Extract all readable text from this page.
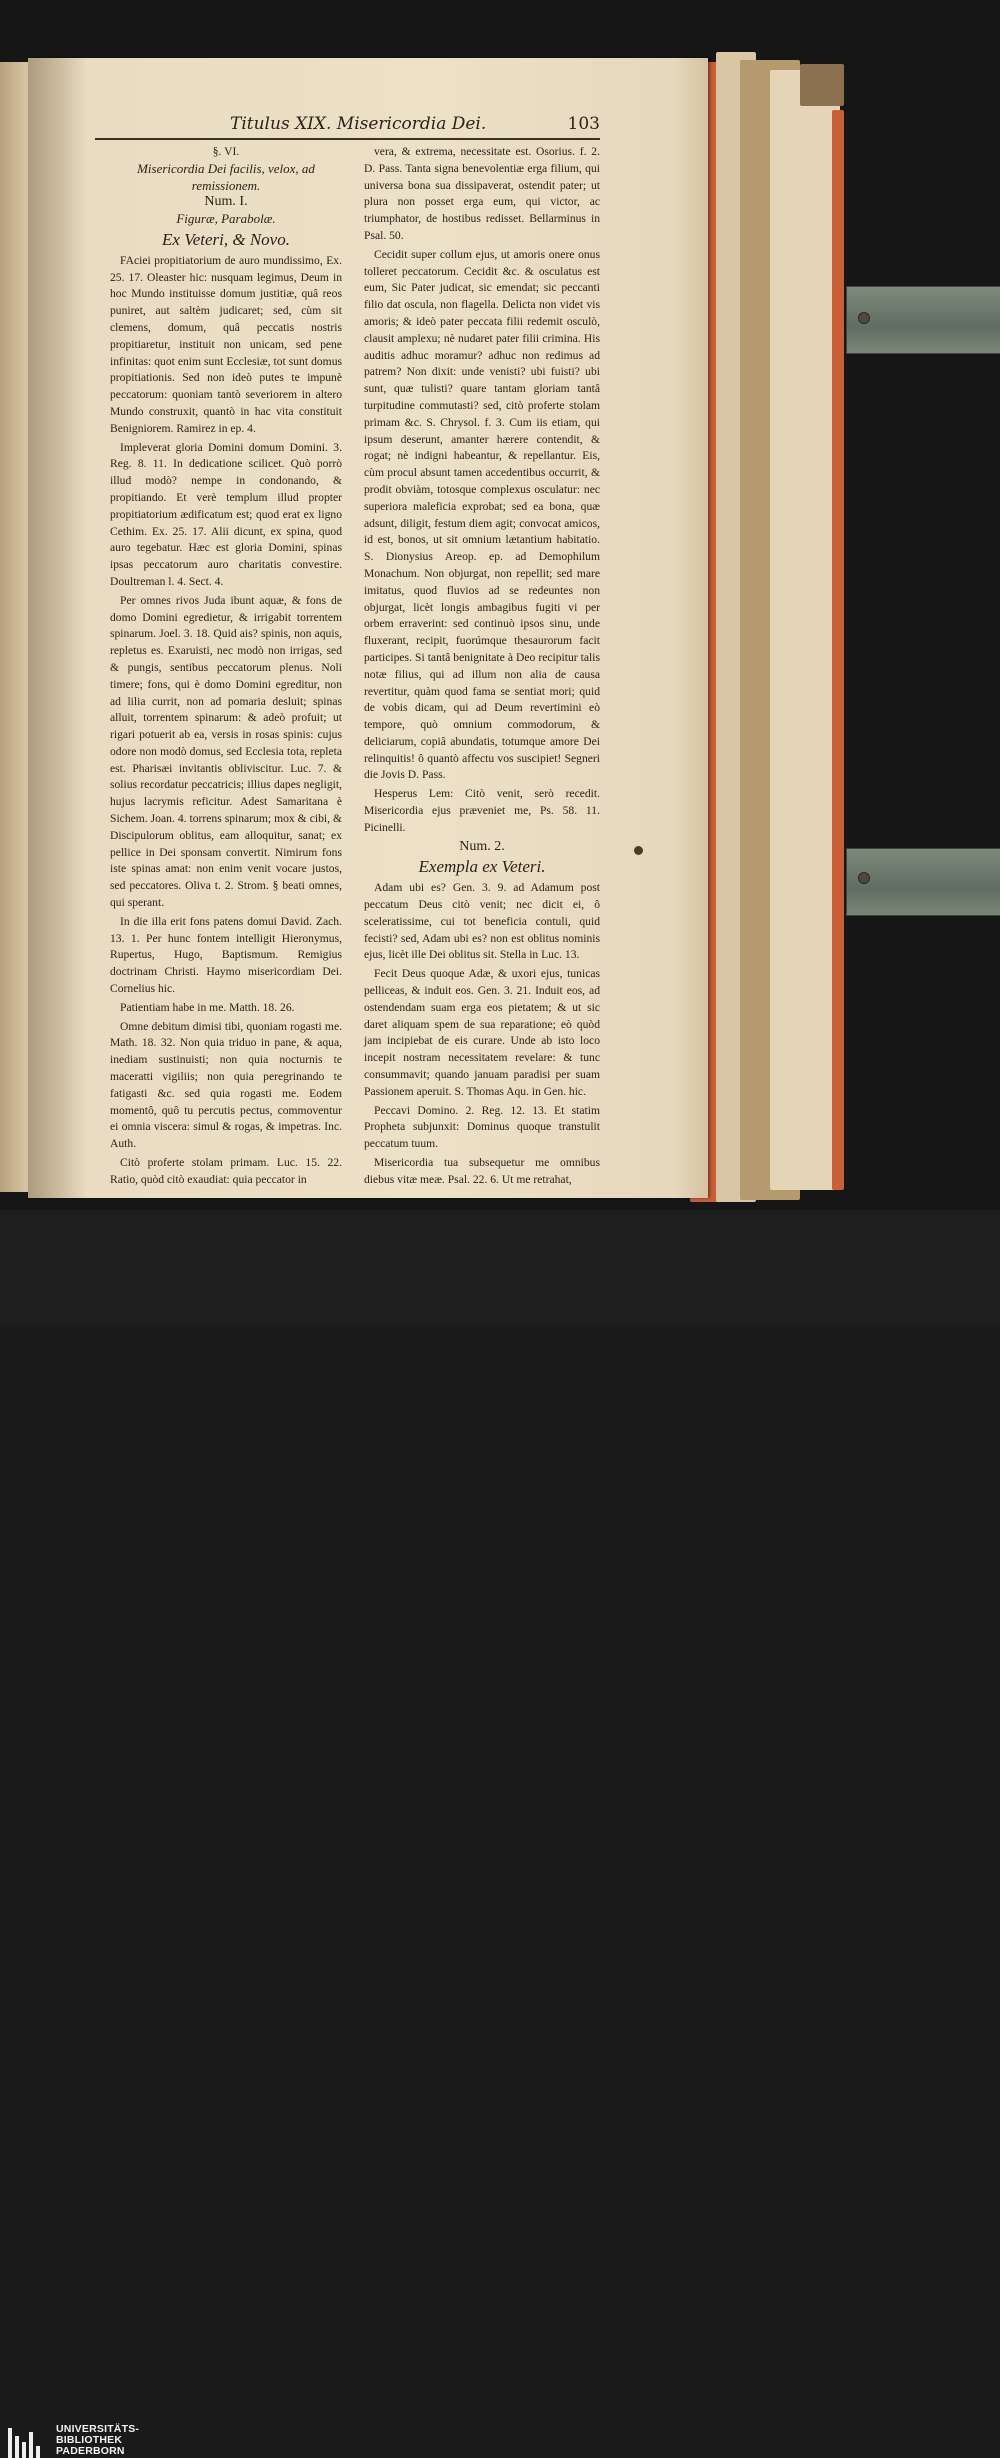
Titulus XIX. Misericordia Dei.	103

§. VI.

Misericordia Dei facilis, velox, ad remissionem.

Num. I.

Figuræ, Parabolæ.

Ex Veteri, & Novo.

FAciei propitiatorium de auro mundissimo, Ex. 25. 17. Oleaster hic: nusquam legimus, Deum in hoc Mundo instituisse domum justitiæ, quâ reos puniret, aut saltèm judicaret; sed, cùm sit clemens, domum, quâ peccatis nostris propitiaretur, instituit non unicam, sed pene infinitas: quot enim sunt Ecclesiæ, tot sunt domus propitiationis. Sed non ideò putes te impunè peccatorum: quoniam tantò severiorem in altero Mundo construxit, quantò in hac vita constituit Benigniorem. Ramirez in ep. 4.

Impleverat gloria Domini domum Domini. 3. Reg. 8. 11. In dedicatione scilicet. Quò porrò illud modò? nempe in condonando, & propitiando. Et verè templum illud propter propitiatorium ædificatum est; quod erat ex ligno Cethim. Ex. 25. 17. Alii dicunt, ex spina, quod auro tegebatur. Hæc est gloria Domini, spinas ipsas peccatorum auro charitatis convestire. Doultreman l. 4. Sect. 4.

Per omnes rivos Juda ibunt aquæ, & fons de domo Domini egredietur, & irrigabit torrentem spinarum. Joel. 3. 18. Quid ais? spinis, non aquis, repletus es. Exaruisti, nec modò non irrigas, sed & pungis, sentibus peccatorum plenus. Noli timere; fons, qui è domo Domini egreditur, non ad lilia currit, non ad pomaria desluit; spinas alluit, torrentem spinarum: & adeò profuit; ut rigari potuerit ab ea, versis in rosas spinis: cujus odore non modò domus, sed Ecclesia tota, repleta est. Pharisæi invitantis obliviscitur. Luc. 7. & solius recordatur peccatricis; illius dapes negligit, hujus lacrymis reficitur. Adest Samaritana è Sichem. Joan. 4. torrens spinarum; mox & cibi, & Discipulorum oblitus, eam alloquitur, sanat; ex pellice in Dei sponsam convertit. Nimirum fons iste spinas amat: non enim venit vocare justos, sed peccatores. Oliva t. 2. Strom. § beati omnes, qui sperant.

In die illa erit fons patens domui David. Zach. 13. 1. Per hunc fontem intelligit Hieronymus, Rupertus, Hugo, Baptismum. Remigius doctrinam Christi. Haymo misericordiam Dei. Cornelius hic.

Patientiam habe in me. Matth. 18. 26.

Omne debitum dimisi tibi, quoniam rogasti me. Math. 18. 32. Non quia triduo in pane, & aqua, inediam sustinuisti; non quia nocturnis te maceratti vigiliis; non quia peregrinando te fatigasti &c. sed quia rogasti me. Eodem momentô, quô tu percutis pectus, commoventur ei omnia viscera: simul & rogas, & impetras. Inc. Auth.

Citò proferte stolam primam. Luc. 15. 22. Ratio, quòd citò exaudiat: quia peccator in

vera, & extrema, necessitate est. Osorius. f. 2. D. Pass. Tanta signa benevolentiæ erga filium, qui universa bona sua dissipaverat, ostendit pater; ut plura non posset erga eum, qui victor, ac triumphator, de hostibus redisset. Bellarminus in Psal. 50.

Cecidit super collum ejus, ut amoris onere onus tolleret peccatorum. Cecidit &c. & osculatus est eum, Sic Pater judicat, sic emendat; sic peccanti filio dat oscula, non flagella. Delicta non videt vis amoris; & ideò pater peccata filii redemit osculò, clausit amplexu; nè nudaret pater filii crimina. His auditis adhuc moramur? adhuc non redimus ad patrem? Non dixit: unde venisti? ubi fuisti? ubi sunt, quæ tulisti? quare tantam gloriam tantâ turpitudine commutasti? sed, citò proferte stolam primam &c. S. Chrysol. f. 3. Cum iis etiam, qui ipsum deserunt, amanter hærere contendit, & rogat; nè indigni habeantur, & repellantur. Eis, cùm procul absunt tamen accedentibus occurrit, & prodit obviàm, totosque complexus osculatur: nec superiora maleficia exprobat; sed ea bona, quæ adsunt, diligit, festum diem agit; convocat amicos, id est, bonos, ut sit omnium lætantium habitatio. S. Dionysius Areop. ep. ad Demophilum Monachum. Non objurgat, non repellit; sed mare imitatus, quod fluvios ad se redeuntes non objurgat, licèt longis ambagibus fugiti vi per orbem erraverint: sed continuò ipsos sinu, unde fluxerant, recipit, fuorúmque thesaurorum facit participes. Si tantâ benignitate à Deo recipitur talis notæ filius, qui ad illum non alia de causa revertitur, quàm quod fama se sentiat mori; quid de vobis dicam, qui ad Deum revertimini eò tempore, quò omnium commodorum, & deliciarum, copiâ abundatis, totumque amore Dei relinquitis! ô quantò affectu vos suscipiet! Segneri die Jovis D. Pass.

Hesperus Lem: Citò venit, serò recedit. Misericordia ejus præveniet me, Ps. 58. 11. Picinelli.

Num. 2.

Exempla ex Veteri.

Adam ubi es? Gen. 3. 9. ad Adamum post peccatum Deus citò venit; nec dicit ei, ô sceleratissime, cui tot beneficia contuli, quid fecisti? sed, Adam ubi es? non est oblitus nominis ejus, licèt ille Dei oblitus sit. Stella in Luc. 13.

Fecit Deus quoque Adæ, & uxori ejus, tunicas pelliceas, & induit eos. Gen. 3. 21. Induit eos, ad ostendendam suam erga eos pietatem; & ut sic daret aliquam spem de sua reparatione; eò quòd jam incipiebat de eis curare. Unde ab isto loco incepit nostram necessitatem revelare: & tunc consummavit; quando januam paradisi per suam Passionem aperuit. S. Thomas Aqu. in Gen. hic.

Peccavi Domino. 2. Reg. 12. 13. Et statim Propheta subjunxit: Dominus quoque transtulit peccatum tuum.

Misericordia tua subsequetur me omnibus diebus vitæ meæ. Psal. 22. 6. Ut me retrahat,

UNIVERSITÄTS-
BIBLIOTHEK
PADERBORN
